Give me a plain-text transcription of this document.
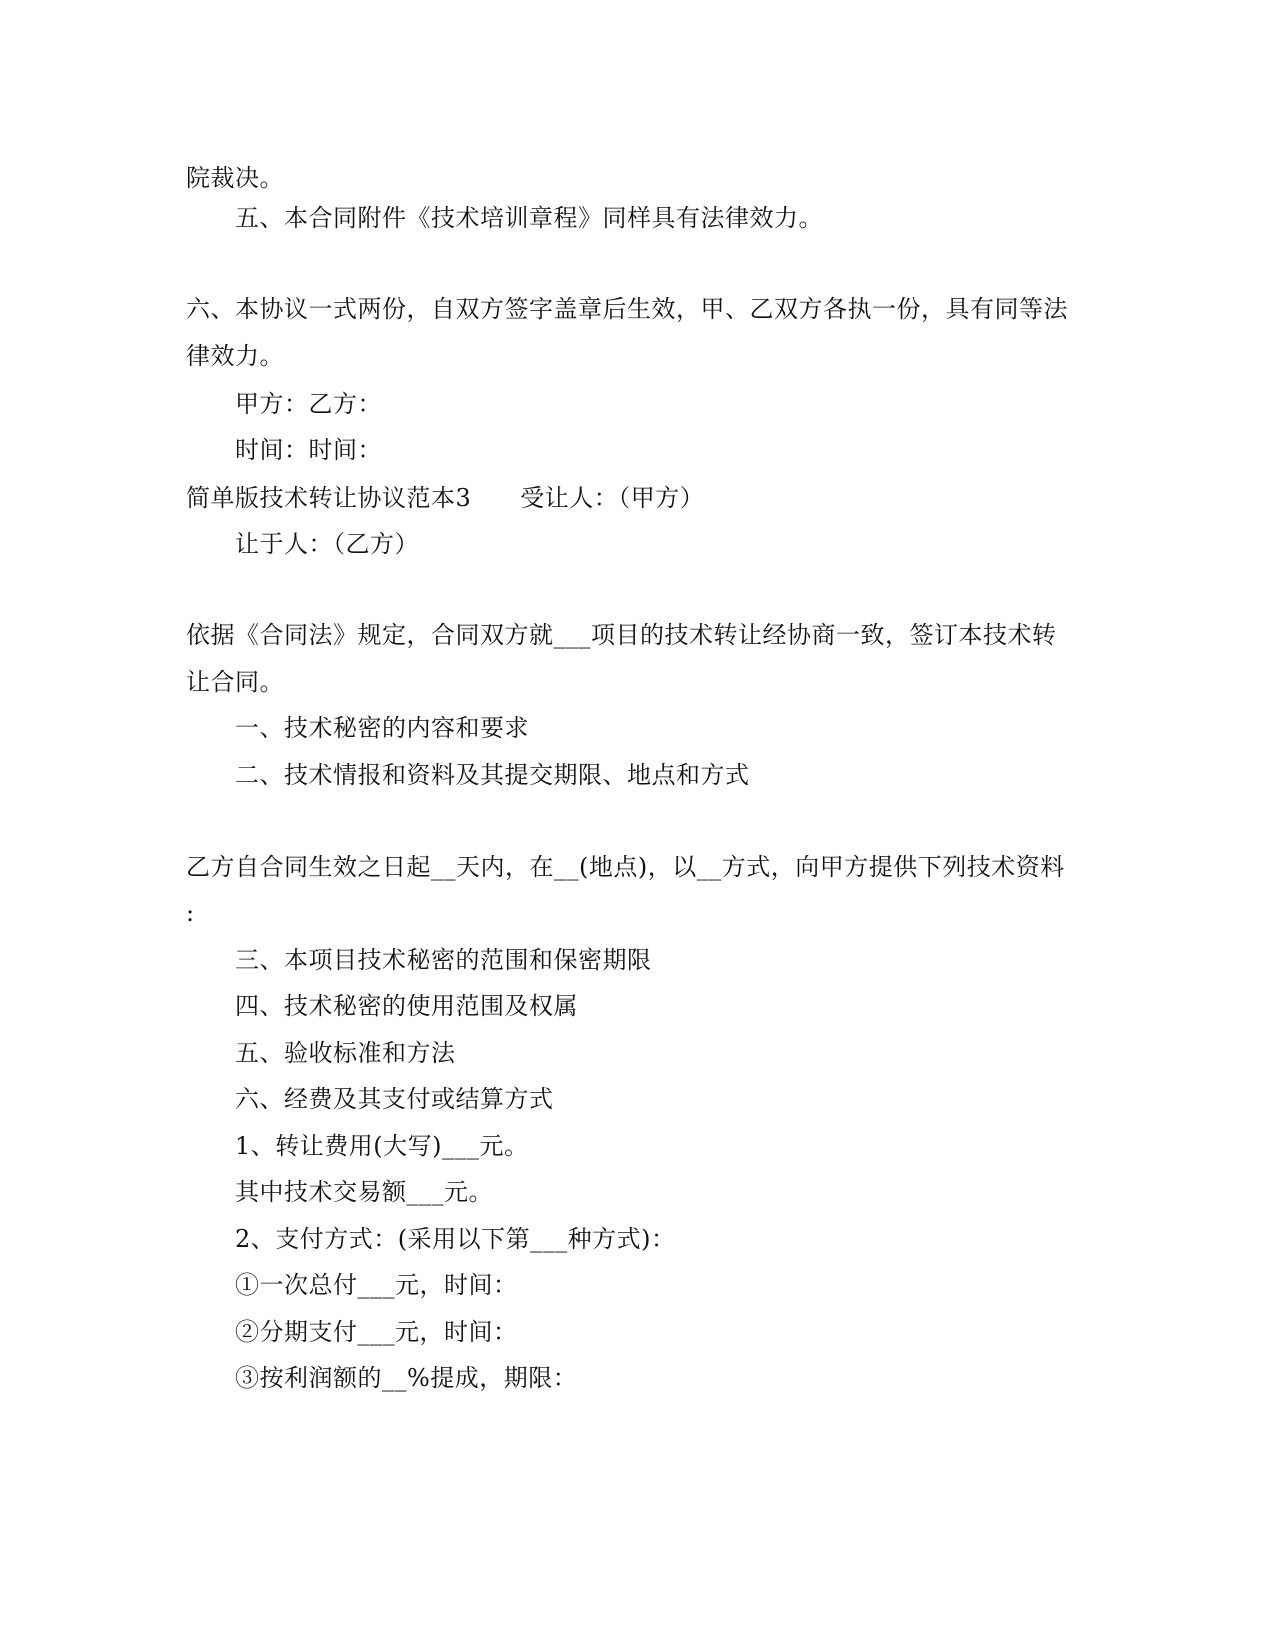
院裁决。
五、本合同附件《技术培训章程》同样具有法律效力。
六、本协议一式两份，自双方签字盖章后生效，甲、乙双方各执一份，具有同等法
律效力。
甲方：乙方：
时间：时间：
简单版技术转让协议范本3　　受让人：（甲方）
让于人：（乙方）
依据《合同法》规定，合同双方就___项目的技术转让经协商一致，签订本技术转
让合同。
一、技术秘密的内容和要求
二、技术情报和资料及其提交期限、地点和方式
乙方自合同生效之日起__天内，在__(地点)，以__方式，向甲方提供下列技术资料
:
三、本项目技术秘密的范围和保密期限
四、技术秘密的使用范围及权属
五、验收标准和方法
六、经费及其支付或结算方式
1、转让费用(大写)___元。
其中技术交易额___元。
2、支付方式：(采用以下第___种方式)：
①一次总付___元，时间：
②分期支付___元，时间：
③按利润额的__%提成，期限：
